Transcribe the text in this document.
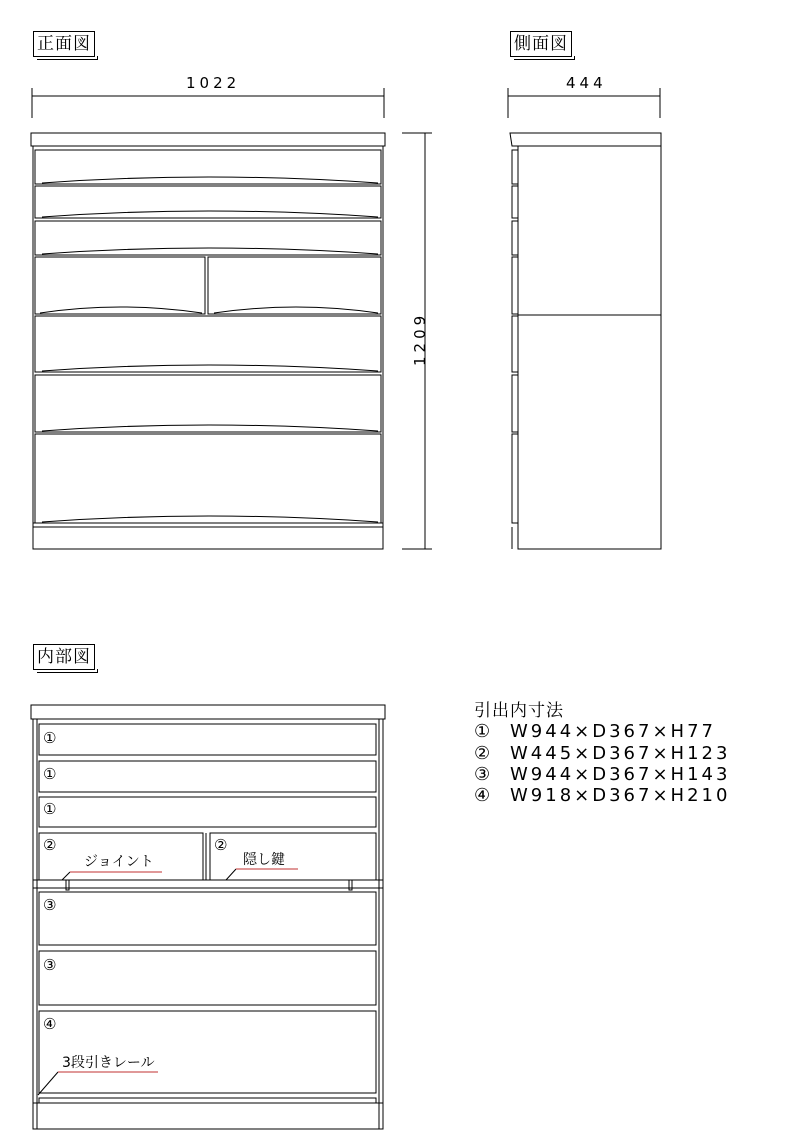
正面図	側面図
内部図
1022	444
1209
①
①
①
②	②
③
③
④
ジョイント	隠し鍵
3段引きレール
引出内寸法
① W944×D367×H77
② W445×D367×H123
③ W944×D367×H143
④ W918×D367×H210
